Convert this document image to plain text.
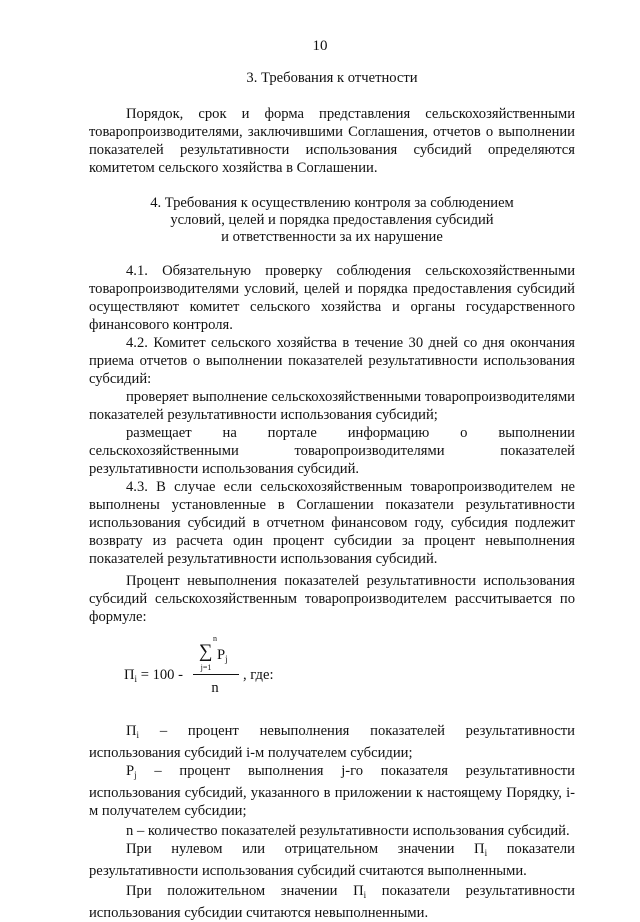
10
3. Требования к отчетности

Порядок, срок и форма представления сельскохозяйственными товаропроизводителями, заключившими Соглашения, отчетов о выполнении показателей результативности использования субсидий определяются комитетом сельского хозяйства в Соглашении.

4. Требования к осуществлению контроля за соблюдением
условий, целей и порядка предоставления субсидий
и ответственности за их нарушение

4.1. Обязательную проверку соблюдения сельскохозяйственными товаропроизводителями условий, целей и порядка предоставления субсидий осуществляют комитет сельского хозяйства и органы государственного финансового контроля.

4.2. Комитет сельского хозяйства в течение 30 дней со дня окончания приема отчетов о выполнении показателей результативности использования субсидий:

проверяет выполнение сельскохозяйственными товаропроизводителями показателей результативности использования субсидий;

размещает на портале информацию о выполнении сельскохозяйственными товаропроизводителями показателей результативности использования субсидий.

4.3. В случае если сельскохозяйственным товаропроизводителем не выполнены установленные в Соглашении показатели результативности использования субсидий в отчетном финансовом году, субсидия подлежит возврату из расчета один процент субсидии за процент невыполнения показателей результативности использования субсидий.

Процент невыполнения показателей результативности использования субсидий сельскохозяйственным товаропроизводителем рассчитывается по формуле:

$П_i = 100$ -
n
∑ $P_j$
j=1
n
, где:

$П_i$ – процент невыполнения показателей результативности использования субсидий i-м получателем субсидии;

$P_j$ – процент выполнения j-го показателя результативности использования субсидий, указанного в приложении к настоящему Порядку, i-м получателем субсидии;

n – количество показателей результативности использования субсидий.

При нулевом или отрицательном значении $П_i$ показатели результативности использования субсидий считаются выполненными.

При положительном значении $П_i$ показатели результативности использования субсидии считаются невыполненными.
